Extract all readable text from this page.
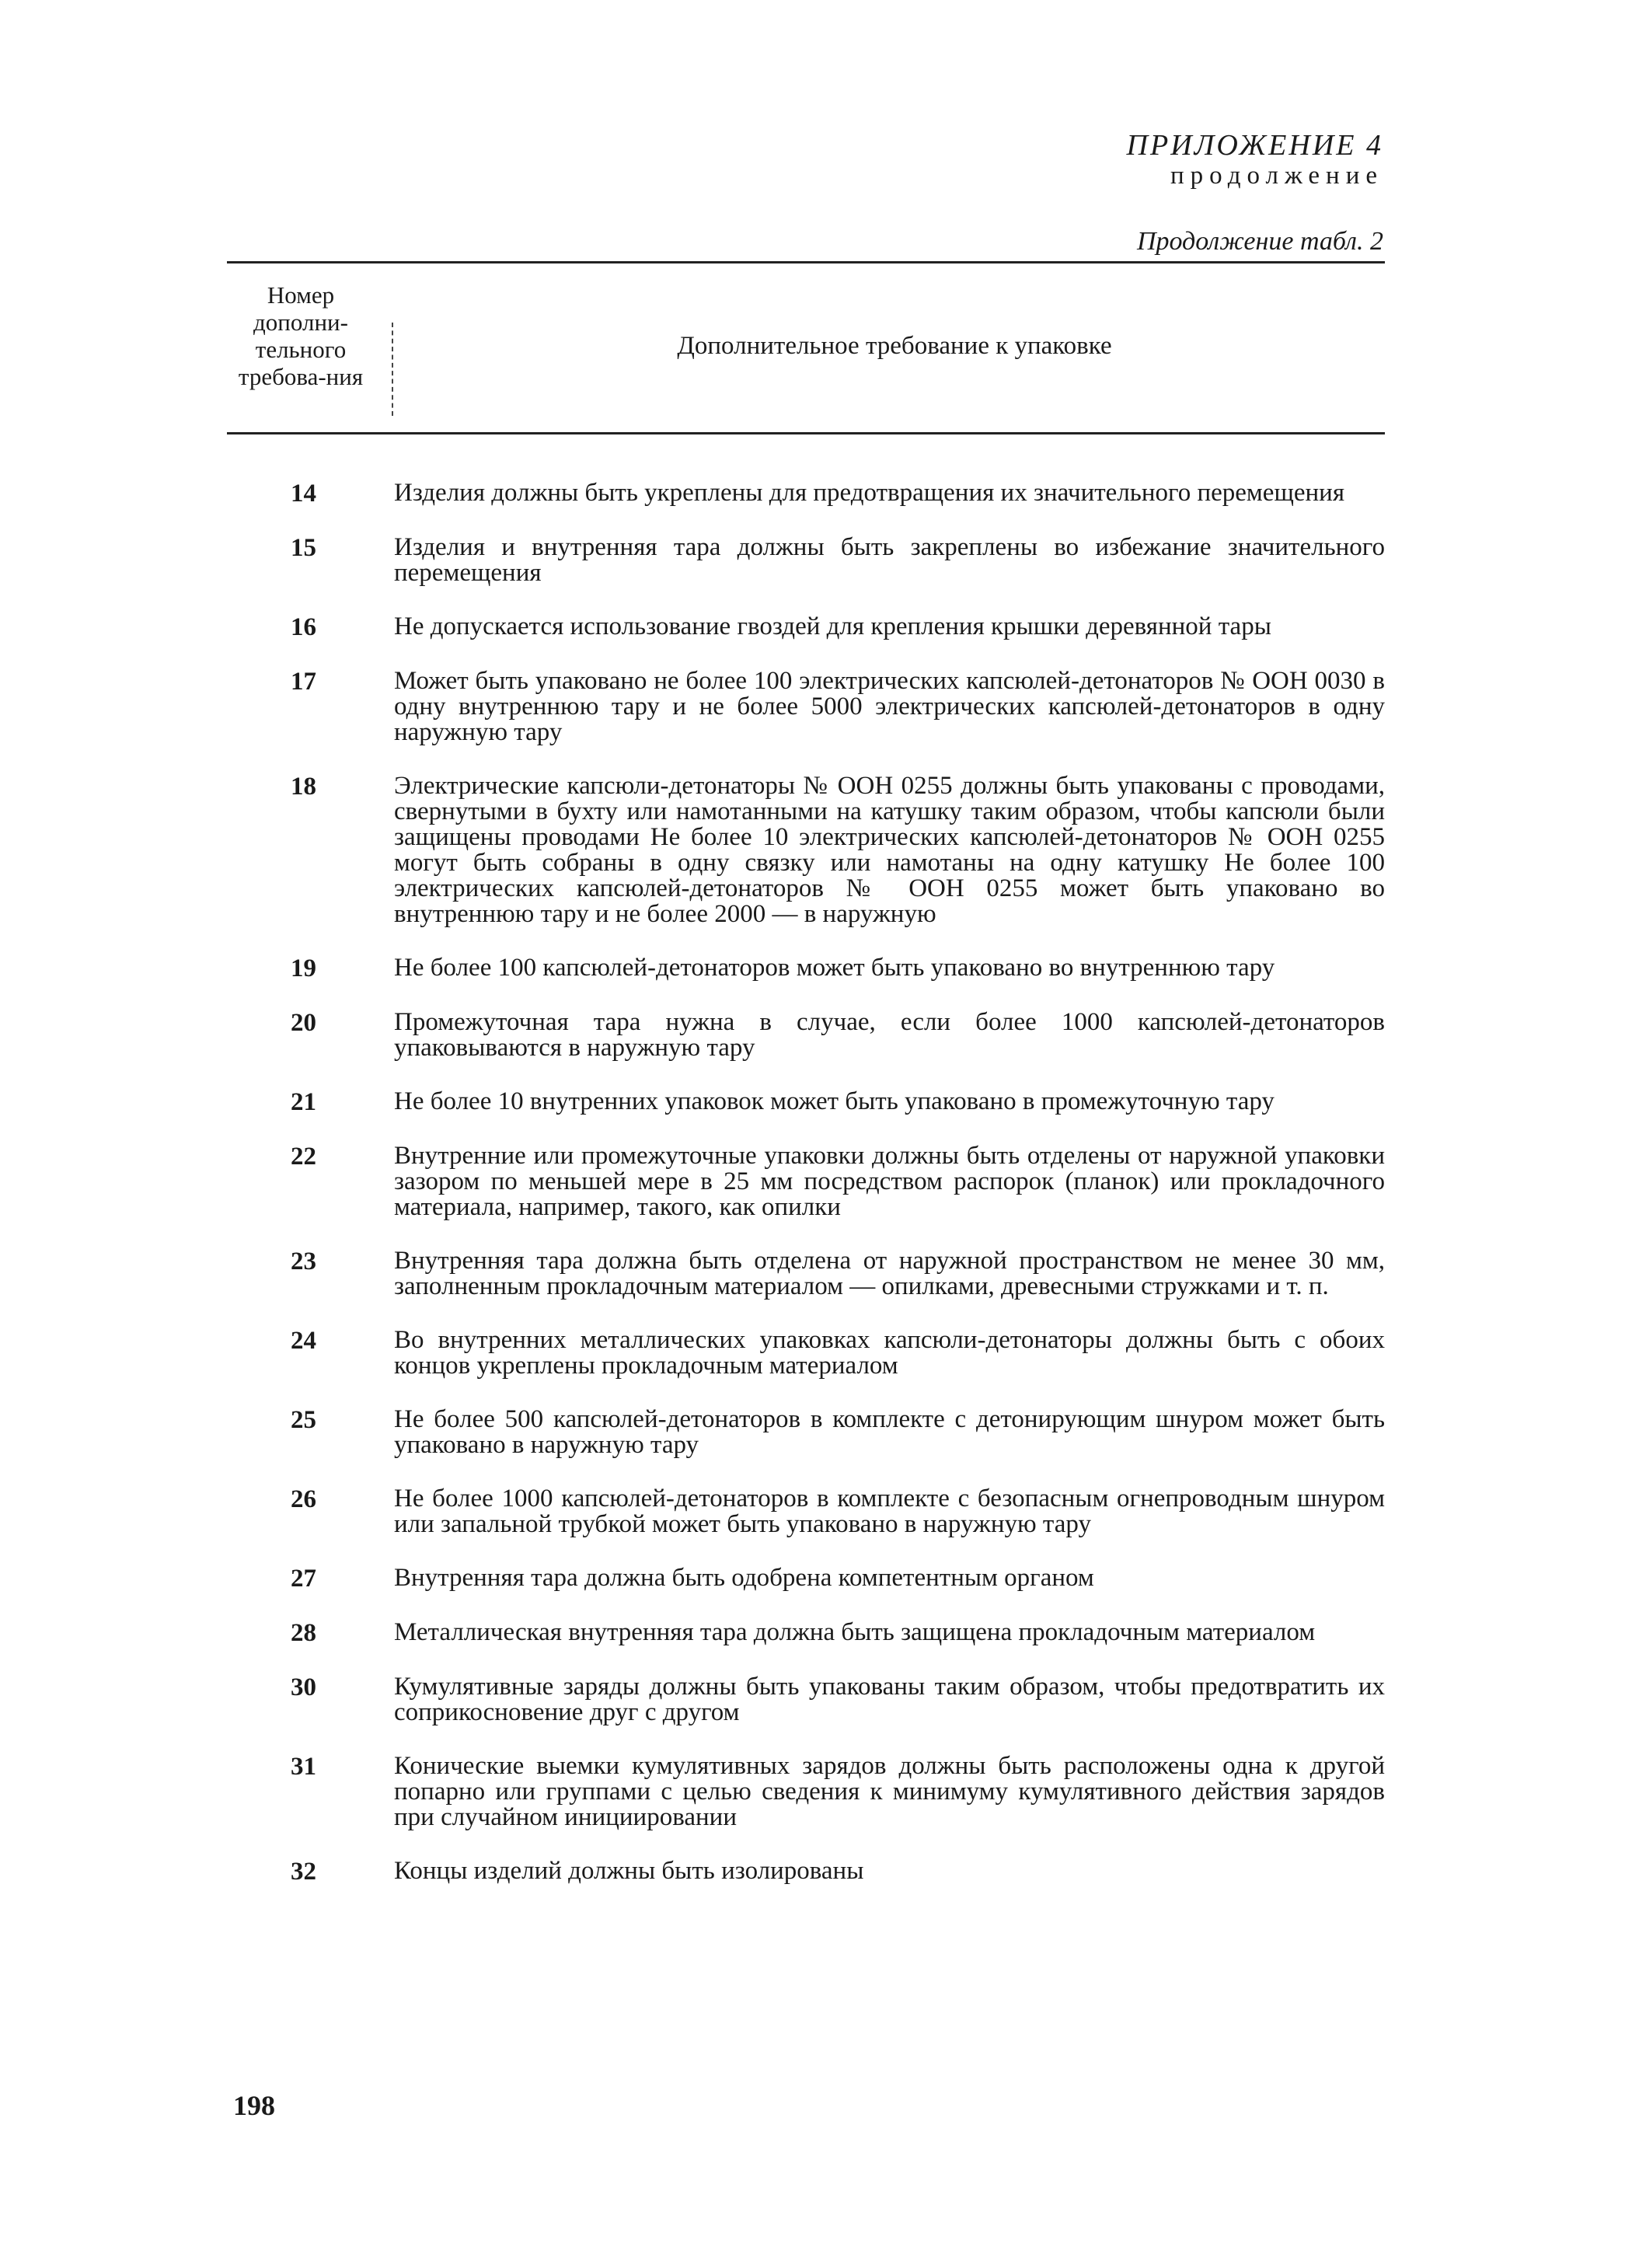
ПРИЛОЖЕНИЕ 4
продолжение
Продолжение табл. 2
Номер дополни-тельного требова-ния
Дополнительное требование к упаковке
14	Изделия должны быть укреплены для предотвращения их значительного перемещения
15	Изделия и внутренняя тара должны быть закреплены во избежание значительного перемещения
16	Не допускается использование гвоздей для крепления крышки деревянной тары
17	Может быть упаковано не более 100 электрических капсюлей-детонаторов № ООН 0030 в одну внутреннюю тару и не более 5000 электрических капсюлей-детонаторов в одну наружную тару
18	Электрические капсюли-детонаторы № ООН 0255 должны быть упакованы с проводами, свернутыми в бухту или намотанными на катушку таким образом, чтобы капсюли были защищены проводами Не более 10 электрических капсюлей-детонаторов № ООН 0255 могут быть собраны в одну связку или намотаны на одну катушку Не более 100 электрических капсюлей-детонаторов № ООН 0255 может быть упаковано во внутреннюю тару и не более 2000 — в наружную
19	Не более 100 капсюлей-детонаторов может быть упаковано во внутреннюю тару
20	Промежуточная тара нужна в случае, если более 1000 капсюлей-детонаторов упаковываются в наружную тару
21	Не более 10 внутренних упаковок может быть упаковано в промежуточную тару
22	Внутренние или промежуточные упаковки должны быть отделены от наружной упаковки зазором по меньшей мере в 25 мм посредством распорок (планок) или прокладочного материала, например, такого, как опилки
23	Внутренняя тара должна быть отделена от наружной пространством не менее 30 мм, заполненным прокладочным материалом — опилками, древесными стружками и т. п.
24	Во внутренних металлических упаковках капсюли-детонаторы должны быть с обоих концов укреплены прокладочным материалом
25	Не более 500 капсюлей-детонаторов в комплекте с детонирующим шнуром может быть упаковано в наружную тару
26	Не более 1000 капсюлей-детонаторов в комплекте с безопасным огнепроводным шнуром или запальной трубкой может быть упаковано в наружную тару
27	Внутренняя тара должна быть одобрена компетентным органом
28	Металлическая внутренняя тара должна быть защищена прокладочным материалом
30	Кумулятивные заряды должны быть упакованы таким образом, чтобы предотвратить их соприкосновение друг с другом
31	Конические выемки кумулятивных зарядов должны быть расположены одна к другой попарно или группами с целью сведения к минимуму кумулятивного действия зарядов при случайном инициировании
32	Концы изделий должны быть изолированы
198
